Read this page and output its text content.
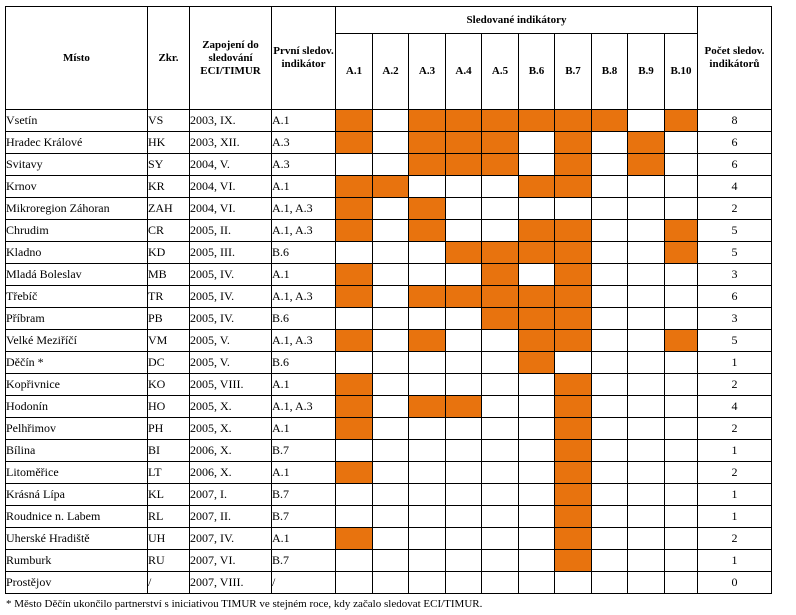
Místo	Zkr.	Zapojení do sledování ECI/TIMUR	První sledov. indikátor	Sledované indikátory										Počet sledov. indikátorů
				A.1	A.2	A.3	A.4	A.5	B.6	B.7	B.8	B.9	B.10	
Vsetín	VS	2003, IX.	A.1											8
Hradec Králové	HK	2003, XII.	A.3											6
Svitavy	SY	2004, V.	A.3											6
Krnov	KR	2004, VI.	A.1											4
Mikroregion Záhoran	ZAH	2004, VI.	A.1, A.3											2
Chrudim	CR	2005, II.	A.1, A.3											5
Kladno	KD	2005, III.	B.6											5
Mladá Boleslav	MB	2005, IV.	A.1											3
Třebíč	TR	2005, IV.	A.1, A.3											6
Příbram	PB	2005, IV.	B.6											3
Velké Meziříčí	VM	2005, V.	A.1, A.3											5
Děčín *	DC	2005, V.	B.6											1
Kopřivnice	KO	2005, VIII.	A.1											2
Hodonín	HO	2005, X.	A.1, A.3											4
Pelhřimov	PH	2005, X.	A.1											2
Bílina	BI	2006, X.	B.7											1
Litoměřice	LT	2006, X.	A.1											2
Krásná Lípa	KL	2007, I.	B.7											1
Roudnice n. Labem	RL	2007, II.	B.7											1
Uherské Hradiště	UH	2007, IV.	A.1											2
Rumburk	RU	2007, VI.	B.7											1
Prostějov	/	2007, VIII.	/											0
* Město Děčín ukončilo partnerství s iniciativou TIMUR ve stejném roce, kdy začalo sledovat ECI/TIMUR.
